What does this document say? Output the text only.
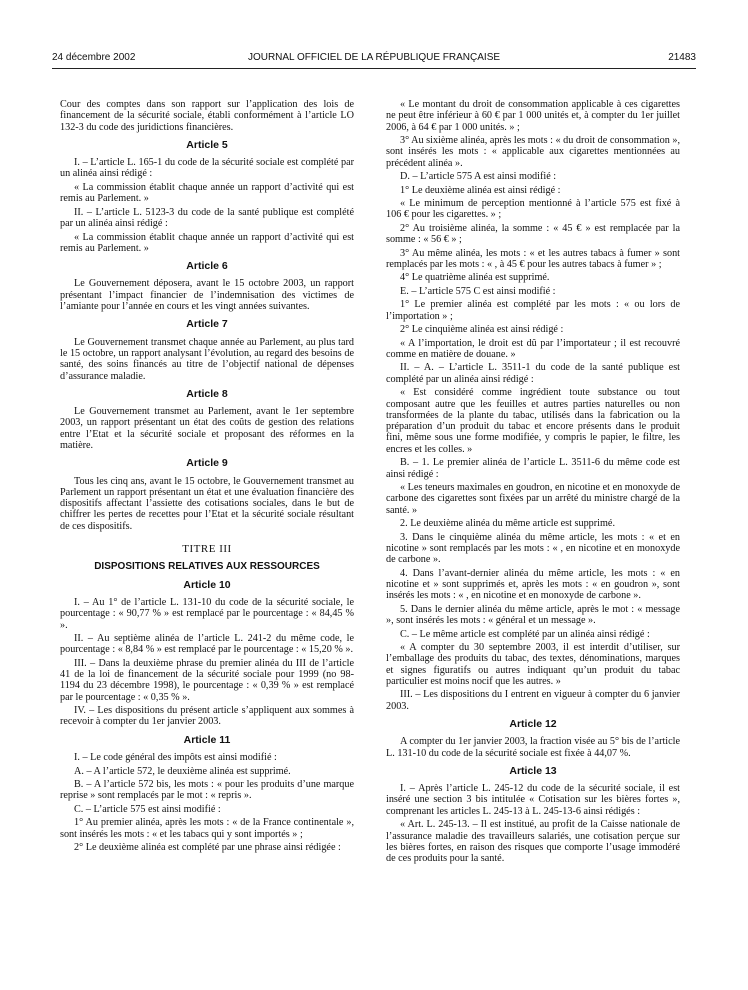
24 décembre 2002	JOURNAL OFFICIEL DE LA RÉPUBLIQUE FRANÇAISE	21483

Cour des comptes dans son rapport sur l’application des lois de financement de la sécurité sociale, établi conformément à l’article LO 132-3 du code des juridictions financières.

Article 5

I. – L’article L. 165-1 du code de la sécurité sociale est complété par un alinéa ainsi rédigé :

« La commission établit chaque année un rapport d’activité qui est remis au Parlement. »

II. – L’article L. 5123-3 du code de la santé publique est complété par un alinéa ainsi rédigé :

« La commission établit chaque année un rapport d’activité qui est remis au Parlement. »

Article 6

Le Gouvernement déposera, avant le 15 octobre 2003, un rapport présentant l’impact financier de l’indemnisation des victimes de l’amiante pour l’année en cours et les vingt années suivantes.

Article 7

Le Gouvernement transmet chaque année au Parlement, au plus tard le 15 octobre, un rapport analysant l’évolution, au regard des besoins de santé, des soins financés au titre de l’objectif national de dépenses d’assurance maladie.

Article 8

Le Gouvernement transmet au Parlement, avant le 1er septembre 2003, un rapport présentant un état des coûts de gestion des relations entre l’Etat et la sécurité sociale et proposant des réformes en la matière.

Article 9

Tous les cinq ans, avant le 15 octobre, le Gouvernement transmet au Parlement un rapport présentant un état et une évaluation financière des dispositifs affectant l’assiette des cotisations sociales, dans le but de chiffrer les pertes de recettes pour l’Etat et la sécurité sociale résultant de ces dispositifs.

TITRE III
DISPOSITIONS RELATIVES AUX RESSOURCES
Article 10

I. – Au 1° de l’article L. 131-10 du code de la sécurité sociale, le pourcentage : « 90,77 % » est remplacé par le pourcentage : « 84,45 % ».

II. – Au septième alinéa de l’article L. 241-2 du même code, le pourcentage : « 8,84 % » est remplacé par le pourcentage : « 15,20 % ».

III. – Dans la deuxième phrase du premier alinéa du III de l’article 41 de la loi de financement de la sécurité sociale pour 1999 (no 98-1194 du 23 décembre 1998), le pourcentage : « 0,39 % » est remplacé par le pourcentage : « 0,35 % ».

IV. – Les dispositions du présent article s’appliquent aux sommes à recevoir à compter du 1er janvier 2003.

Article 11

I. – Le code général des impôts est ainsi modifié :

A. – A l’article 572, le deuxième alinéa est supprimé.

B. – A l’article 572 bis, les mots : « pour les produits d’une marque reprise » sont remplacés par le mot : « repris ».

C. – L’article 575 est ainsi modifié :

1° Au premier alinéa, après les mots : « de la France continentale », sont insérés les mots : « et les tabacs qui y sont importés » ;

2° Le deuxième alinéa est complété par une phrase ainsi rédigée :

« Le montant du droit de consommation applicable à ces cigarettes ne peut être inférieur à 60 € par 1 000 unités et, à compter du 1er juillet 2006, à 64 € par 1 000 unités. » ;

3° Au sixième alinéa, après les mots : « du droit de consommation », sont insérés les mots : « applicable aux cigarettes mentionnées au précédent alinéa ».

D. – L’article 575 A est ainsi modifié :

1° Le deuxième alinéa est ainsi rédigé :

« Le minimum de perception mentionné à l’article 575 est fixé à 106 € pour les cigarettes. » ;

2° Au troisième alinéa, la somme : « 45 € » est remplacée par la somme : « 56 € » ;

3° Au même alinéa, les mots : « et les autres tabacs à fumer » sont remplacés par les mots : « , à 45 € pour les autres tabacs à fumer » ;

4° Le quatrième alinéa est supprimé.

E. – L’article 575 C est ainsi modifié :

1° Le premier alinéa est complété par les mots : « ou lors de l’importation » ;

2° Le cinquième alinéa est ainsi rédigé :

« A l’importation, le droit est dû par l’importateur ; il est recouvré comme en matière de douane. »

II. – A. – L’article L. 3511-1 du code de la santé publique est complété par un alinéa ainsi rédigé :

« Est considéré comme ingrédient toute substance ou tout composant autre que les feuilles et autres parties naturelles ou non transformées de la plante du tabac, utilisés dans la fabrication ou la préparation d’un produit du tabac et encore présents dans le produit fini, même sous une forme modifiée, y compris le papier, le filtre, les encres et les colles. »

B. – 1. Le premier alinéa de l’article L. 3511-6 du même code est ainsi rédigé :

« Les teneurs maximales en goudron, en nicotine et en monoxyde de carbone des cigarettes sont fixées par un arrêté du ministre chargé de la santé. »

2. Le deuxième alinéa du même article est supprimé.

3. Dans le cinquième alinéa du même article, les mots : « et en nicotine » sont remplacés par les mots : « , en nicotine et en monoxyde de carbone ».

4. Dans l’avant-dernier alinéa du même article, les mots : « en nicotine et » sont supprimés et, après les mots : « en goudron », sont insérés les mots : « , en nicotine et en monoxyde de carbone ».

5. Dans le dernier alinéa du même article, après le mot : « message », sont insérés les mots : « général et un message ».

C. – Le même article est complété par un alinéa ainsi rédigé :

« A compter du 30 septembre 2003, il est interdit d’utiliser, sur l’emballage des produits du tabac, des textes, dénominations, marques et signes figuratifs ou autres indiquant qu’un produit du tabac particulier est moins nocif que les autres. »

III. – Les dispositions du I entrent en vigueur à compter du 6 janvier 2003.

Article 12

A compter du 1er janvier 2003, la fraction visée au 5° bis de l’article L. 131-10 du code de la sécurité sociale est fixée à 44,07 %.

Article 13

I. – Après l’article L. 245-12 du code de la sécurité sociale, il est inséré une section 3 bis intitulée « Cotisation sur les bières fortes », comprenant les articles L. 245-13 à L. 245-13-6 ainsi rédigés :

« Art. L. 245-13. – Il est institué, au profit de la Caisse nationale de l’assurance maladie des travailleurs salariés, une cotisation perçue sur les bières fortes, en raison des risques que comporte l’usage immodéré de ces produits pour la santé.
